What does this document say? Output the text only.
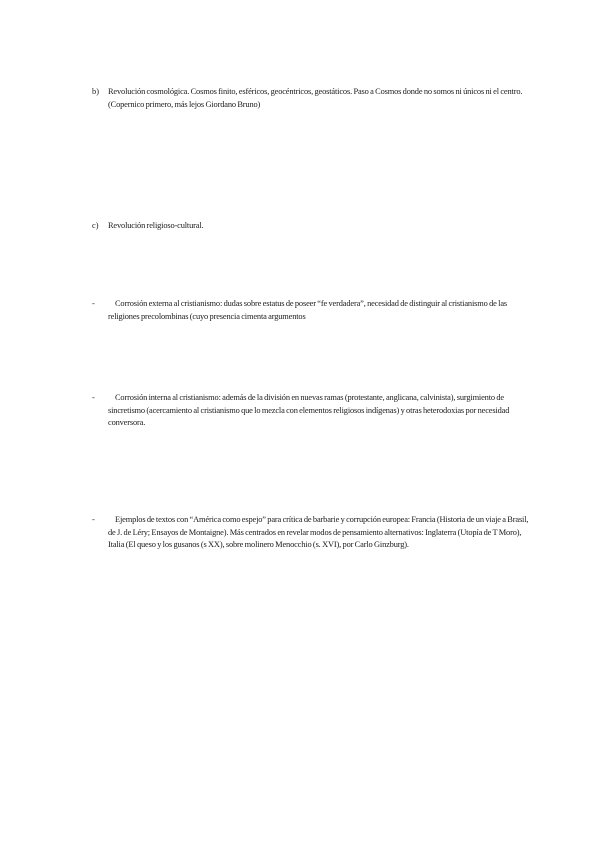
b) Revolución cosmológica. Cosmos finito, esféricos, geocéntricos, geostáticos. Paso a Cosmos donde no somos ni únicos ni el centro. (Copernico primero, más lejos Giordano Bruno)
c) Revolución religioso-cultural.
-	Corrosión externa al cristianismo: dudas sobre estatus de poseer “fe verdadera”, necesidad de distinguir al cristianismo de las religiones precolombinas (cuyo presencia cimenta argumentos
-	Corrosión interna al cristianismo: además de la división en nuevas ramas (protestante, anglicana, calvinista), surgimiento de sincretismo (acercamiento al cristianismo que lo mezcla con elementos religiosos indígenas) y otras heterodoxias por necesidad conversora.
-	Ejemplos de textos con “América como espejo” para crítica de barbarie y corrupción europea: Francia (Historia de un viaje a Brasil, de J. de Léry; Ensayos de Montaigne). Más centrados en revelar modos de pensamiento alternativos: Inglaterra (Utopía de T Moro), Italia (El queso y los gusanos (s XX), sobre molinero Menocchio (s. XVI), por Carlo Ginzburg).
